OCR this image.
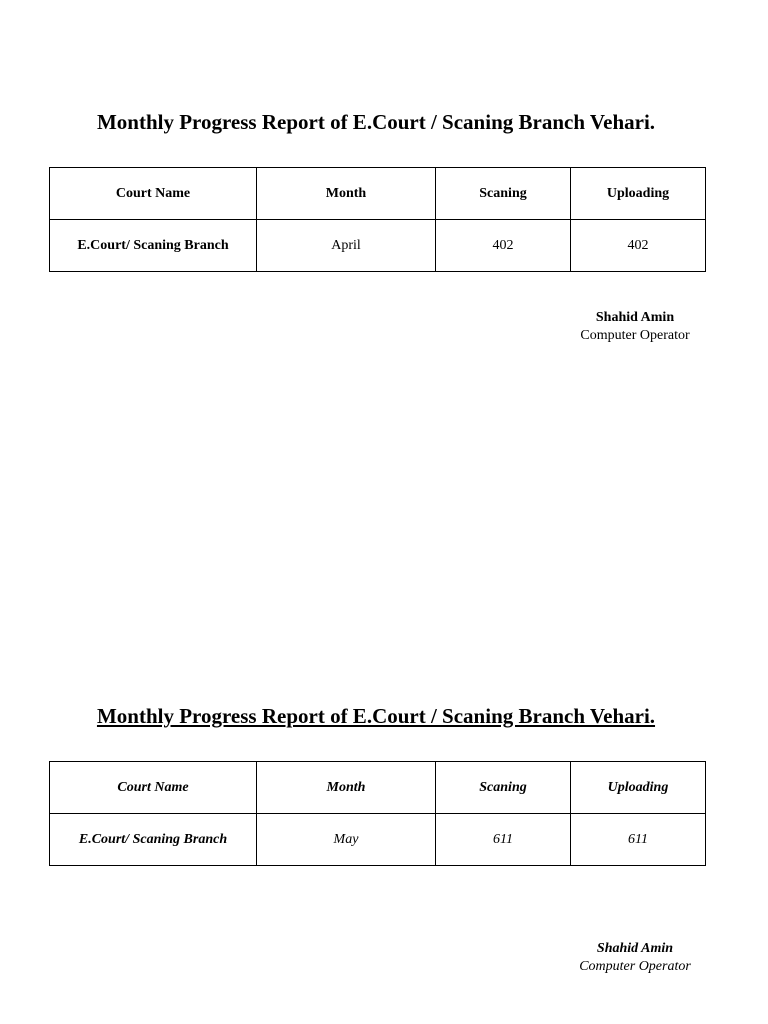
Monthly Progress Report of E.Court / Scaning Branch Vehari.
Court Name	Month	Scaning	Uploading
E.Court/ Scaning Branch	April	402	402
Shahid Amin
Computer Operator
Monthly Progress Report of E.Court / Scaning Branch Vehari.
Court Name	Month	Scaning	Uploading
E.Court/ Scaning Branch	May	611	611
Shahid Amin
Computer Operator
